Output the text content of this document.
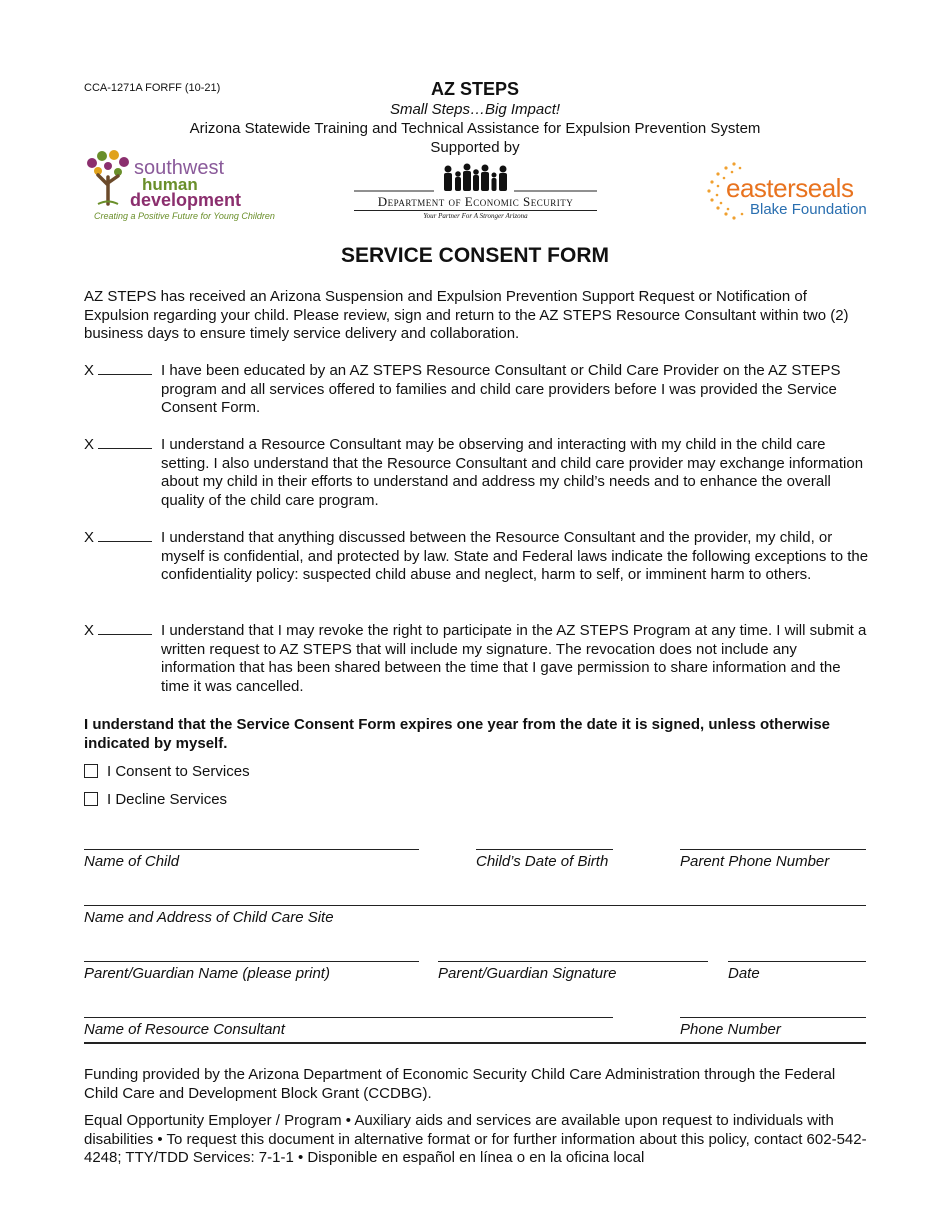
CCA-1271A FORFF (10-21)	AZ STEPS
Small Steps…Big Impact!
Arizona Statewide Training and Technical Assistance for Expulsion Prevention System
Supported by
southwest
human
development
Creating a Positive Future for Young Children
Department of Economic Security
Your Partner For A Stronger Arizona
easterseals
Blake Foundation
SERVICE CONSENT FORM
AZ STEPS has received an Arizona Suspension and Expulsion Prevention Support Request or Notification of Expulsion regarding your child. Please review, sign and return to the AZ STEPS Resource Consultant within two (2) business days to ensure timely service delivery and collaboration.
X	I have been educated by an AZ STEPS Resource Consultant or Child Care Provider on the AZ STEPS program and all services offered to families and child care providers before I was provided the Service Consent Form.
X	I understand a Resource Consultant may be observing and interacting with my child in the child care setting. I also understand that the Resource Consultant and child care provider may exchange information about my child in their efforts to understand and address my child’s needs and to enhance the overall quality of the child care program.
X	I understand that anything discussed between the Resource Consultant and the provider, my child, or myself is confidential, and protected by law. State and Federal laws indicate the following exceptions to the confidentiality policy: suspected child abuse and neglect, harm to self, or imminent harm to others.
X	I understand that I may revoke the right to participate in the AZ STEPS Program at any time. I will submit a written request to AZ STEPS that will include my signature. The revocation does not include any information that has been shared between the time that I gave permission to share information and the time it was cancelled.
I understand that the Service Consent Form expires one year from the date it is signed, unless otherwise indicated by myself.
I Consent to Services
I Decline Services
Name of Child	Child’s Date of Birth	Parent Phone Number
Name and Address of Child Care Site
Parent/Guardian Name (please print)	Parent/Guardian Signature	Date
Name of Resource Consultant	Phone Number
Funding provided by the Arizona Department of Economic Security Child Care Administration through the Federal Child Care and Development Block Grant (CCDBG).
Equal Opportunity Employer / Program • Auxiliary aids and services are available upon request to individuals with disabilities • To request this document in alternative format or for further information about this policy, contact 602-542-4248; TTY/TDD Services: 7-1-1 • Disponible en español en línea o en la oficina local
